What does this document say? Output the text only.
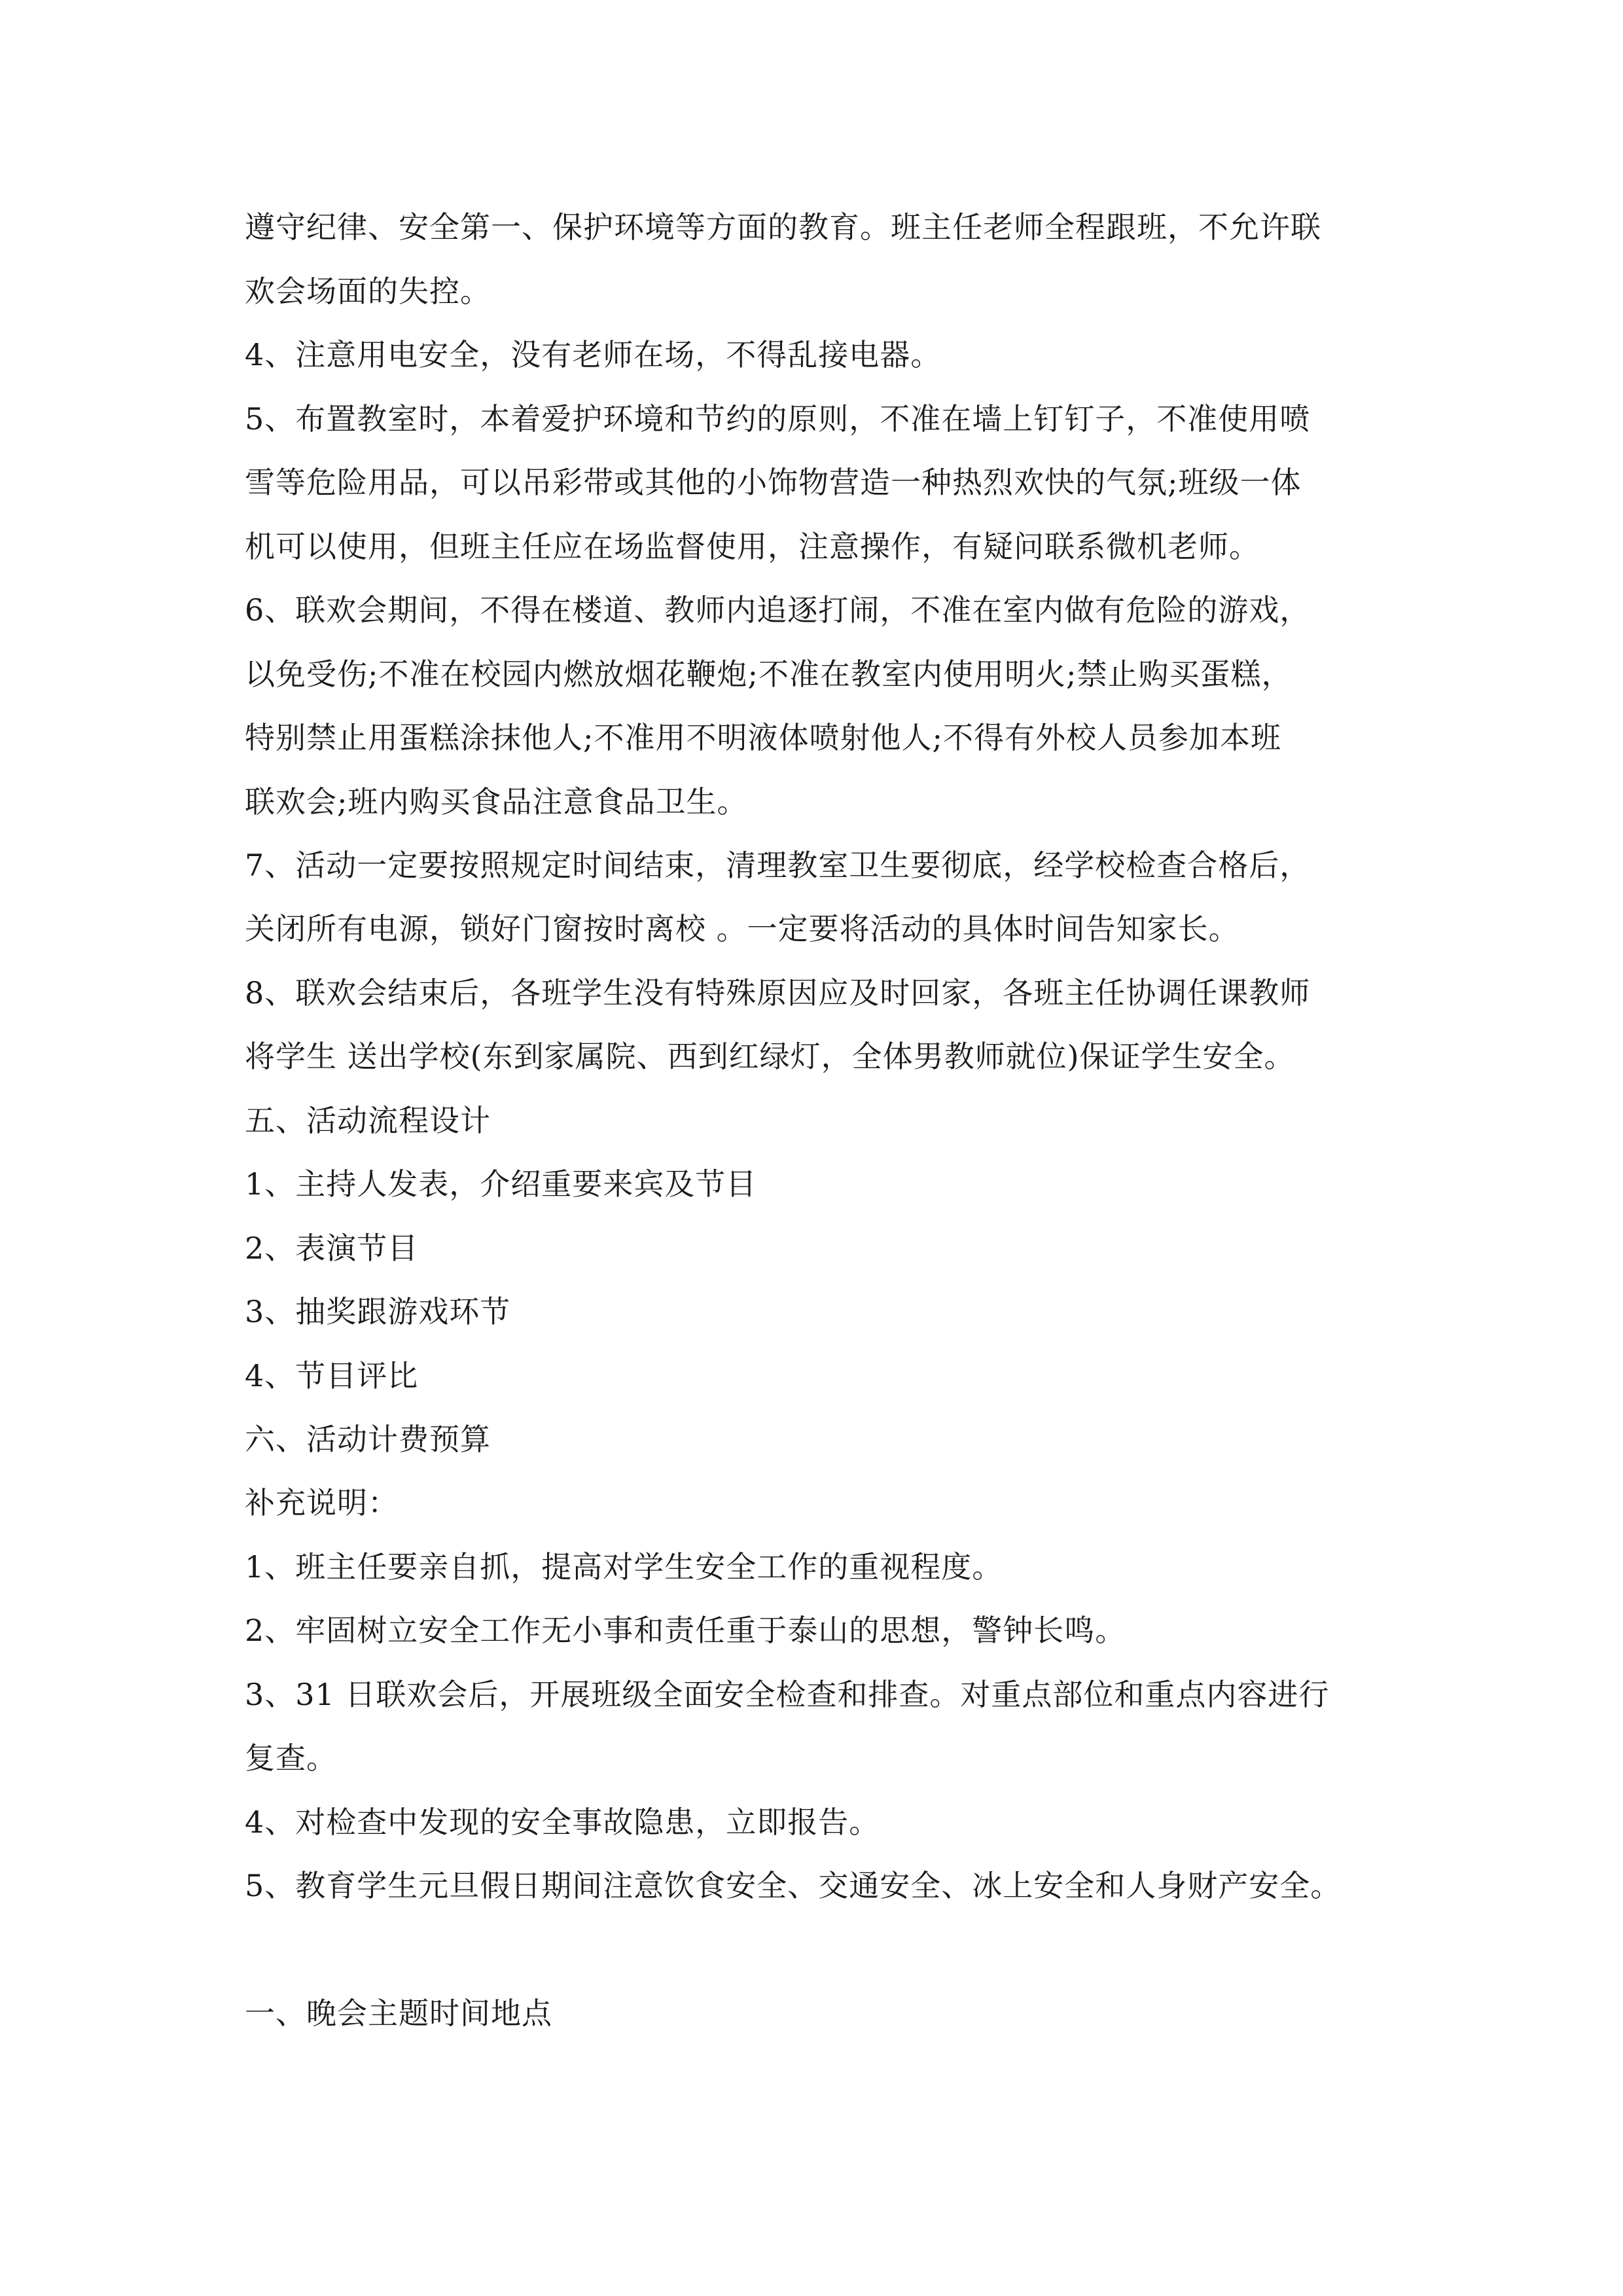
遵守纪律、安全第一、保护环境等方面的教育。班主任老师全程跟班，不允许联

欢会场面的失控。

4、注意用电安全，没有老师在场，不得乱接电器。

5、布置教室时，本着爱护环境和节约的原则，不准在墙上钉钉子，不准使用喷

雪等危险用品，可以吊彩带或其他的小饰物营造一种热烈欢快的气氛;班级一体

机可以使用，但班主任应在场监督使用，注意操作，有疑问联系微机老师。

6、联欢会期间，不得在楼道、教师内追逐打闹，不准在室内做有危险的游戏，

以免受伤;不准在校园内燃放烟花鞭炮;不准在教室内使用明火;禁止购买蛋糕，

特别禁止用蛋糕涂抹他人;不准用不明液体喷射他人;不得有外校人员参加本班

联欢会;班内购买食品注意食品卫生。

7、活动一定要按照规定时间结束，清理教室卫生要彻底，经学校检查合格后，

关闭所有电源，锁好门窗按时离校 。一定要将活动的具体时间告知家长。

8、联欢会结束后，各班学生没有特殊原因应及时回家，各班主任协调任课教师

将学生 送出学校(东到家属院、西到红绿灯，全体男教师就位)保证学生安全。

五、活动流程设计

1、主持人发表，介绍重要来宾及节目

2、表演节目

3、抽奖跟游戏环节

4、节目评比

六、活动计费预算

补充说明：

1、班主任要亲自抓，提高对学生安全工作的重视程度。

2、牢固树立安全工作无小事和责任重于泰山的思想，警钟长鸣。

3、31 日联欢会后，开展班级全面安全检查和排查。对重点部位和重点内容进行

复查。

4、对检查中发现的安全事故隐患，立即报告。

5、教育学生元旦假日期间注意饮食安全、交通安全、冰上安全和人身财产安全。

一、晚会主题时间地点
